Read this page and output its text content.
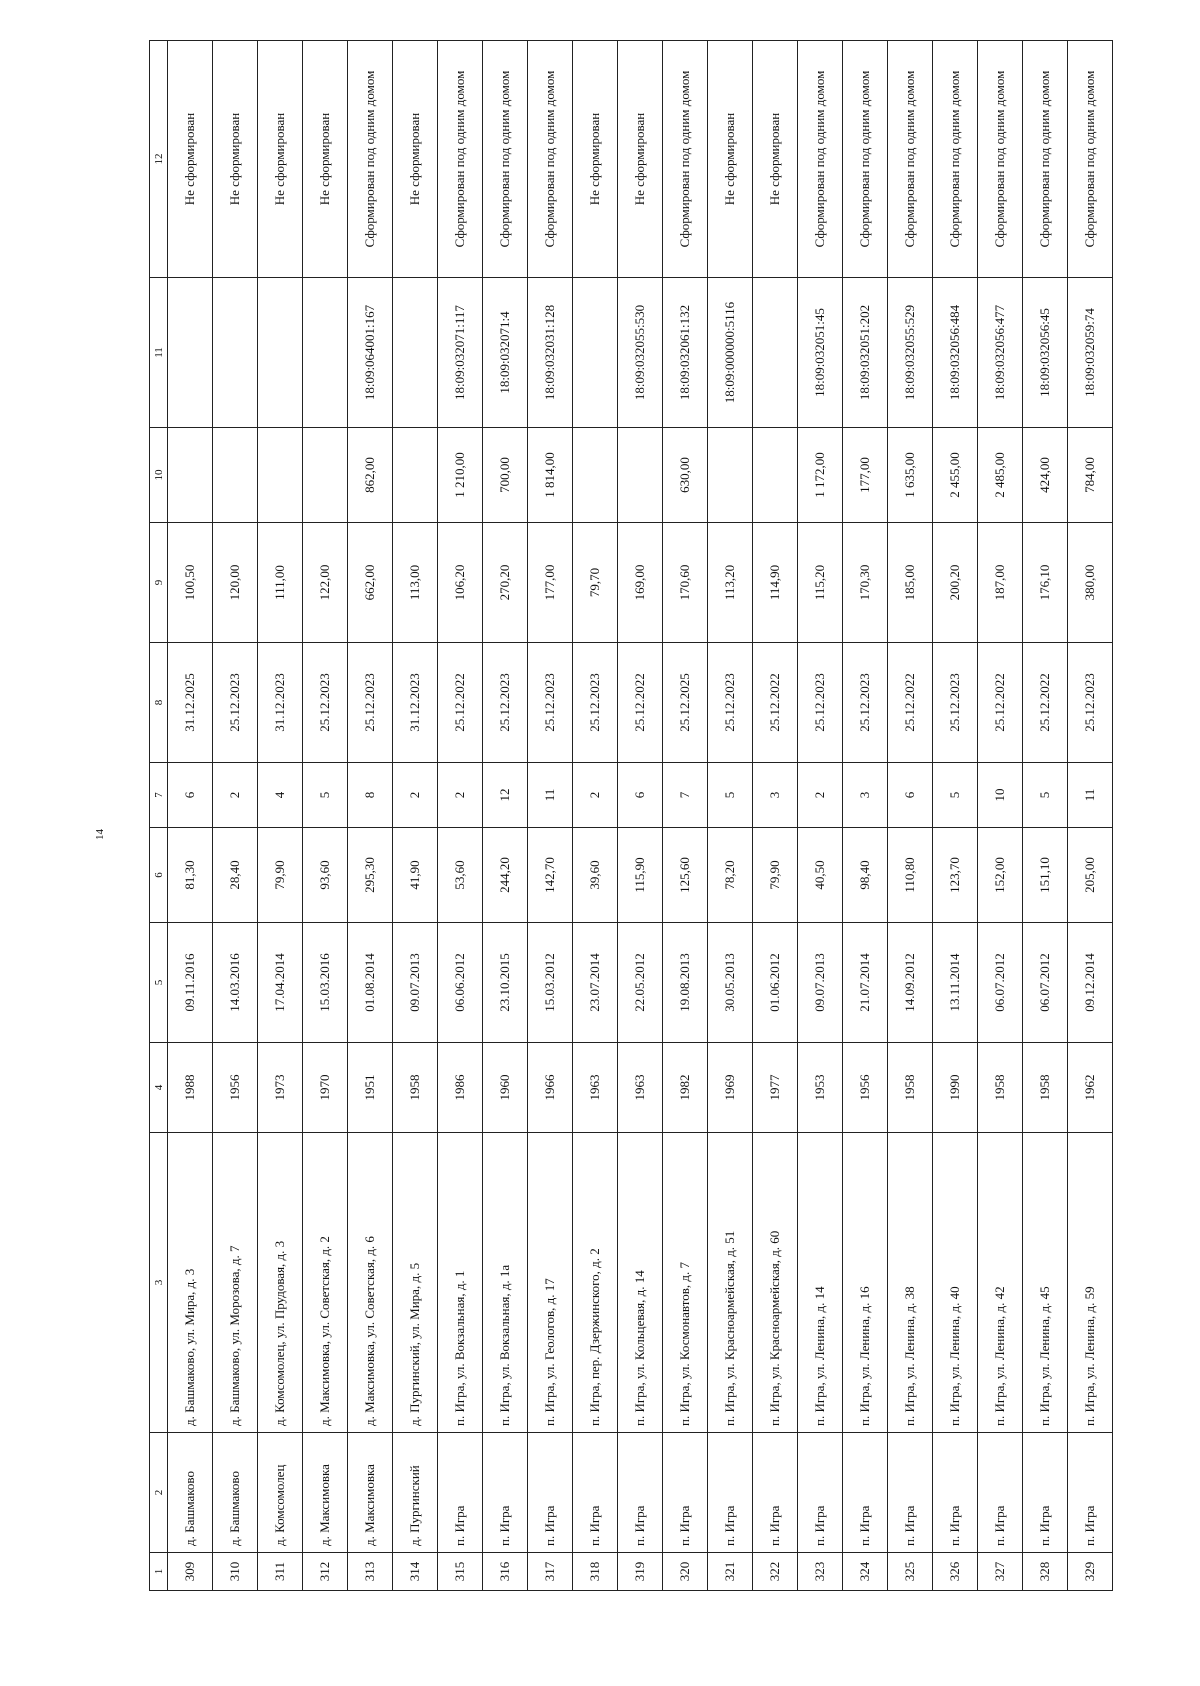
14
1	2	3	4	5	6	7	8	9	10	11	12
309	д. Башмаково	д. Башмаково, ул. Мира, д. 3	1988	09.11.2016	81,30	6	31.12.2025	100,50			Не сформирован
310	д. Башмаково	д. Башмаково, ул. Морозова, д. 7	1956	14.03.2016	28,40	2	25.12.2023	120,00			Не сформирован
311	д. Комсомолец	д. Комсомолец, ул. Прудовая, д. 3	1973	17.04.2014	79,90	4	31.12.2023	111,00			Не сформирован
312	д. Максимовка	д. Максимовка, ул. Советская, д. 2	1970	15.03.2016	93,60	5	25.12.2023	122,00			Не сформирован
313	д. Максимовка	д. Максимовка, ул. Советская, д. 6	1951	01.08.2014	295,30	8	25.12.2023	662,00	862,00	18:09:064001:167	Сформирован под одним домом
314	д. Пургинский	д. Пургинский, ул. Мира, д. 5	1958	09.07.2013	41,90	2	31.12.2023	113,00			Не сформирован
315	п. Игра	п. Игра, ул. Вокзальная, д. 1	1986	06.06.2012	53,60	2	25.12.2022	106,20	1 210,00	18:09:032071:117	Сформирован под одним домом
316	п. Игра	п. Игра, ул. Вокзальная, д. 1а	1960	23.10.2015	244,20	12	25.12.2023	270,20	700,00	18:09:032071:4	Сформирован под одним домом
317	п. Игра	п. Игра, ул. Геологов, д. 17	1966	15.03.2012	142,70	11	25.12.2023	177,00	1 814,00	18:09:032031:128	Сформирован под одним домом
318	п. Игра	п. Игра, пер. Дзержинского, д. 2	1963	23.07.2014	39,60	2	25.12.2023	79,70			Не сформирован
319	п. Игра	п. Игра, ул. Кольцевая, д. 14	1963	22.05.2012	115,90	6	25.12.2022	169,00		18:09:032055:530	Не сформирован
320	п. Игра	п. Игра, ул. Космонавтов, д. 7	1982	19.08.2013	125,60	7	25.12.2025	170,60	630,00	18:09:032061:132	Сформирован под одним домом
321	п. Игра	п. Игра, ул. Красноармейская, д. 51	1969	30.05.2013	78,20	5	25.12.2023	113,20		18:09:000000:5116	Не сформирован
322	п. Игра	п. Игра, ул. Красноармейская, д. 60	1977	01.06.2012	79,90	3	25.12.2022	114,90			Не сформирован
323	п. Игра	п. Игра, ул. Ленина, д. 14	1953	09.07.2013	40,50	2	25.12.2023	115,20	1 172,00	18:09:032051:45	Сформирован под одним домом
324	п. Игра	п. Игра, ул. Ленина, д. 16	1956	21.07.2014	98,40	3	25.12.2023	170,30	177,00	18:09:032051:202	Сформирован под одним домом
325	п. Игра	п. Игра, ул. Ленина, д. 38	1958	14.09.2012	110,80	6	25.12.2022	185,00	1 635,00	18:09:032055:529	Сформирован под одним домом
326	п. Игра	п. Игра, ул. Ленина, д. 40	1990	13.11.2014	123,70	5	25.12.2023	200,20	2 455,00	18:09:032056:484	Сформирован под одним домом
327	п. Игра	п. Игра, ул. Ленина, д. 42	1958	06.07.2012	152,00	10	25.12.2022	187,00	2 485,00	18:09:032056:477	Сформирован под одним домом
328	п. Игра	п. Игра, ул. Ленина, д. 45	1958	06.07.2012	151,10	5	25.12.2022	176,10	424,00	18:09:032056:45	Сформирован под одним домом
329	п. Игра	п. Игра, ул. Ленина, д. 59	1962	09.12.2014	205,00	11	25.12.2023	380,00	784,00	18:09:032059:74	Сформирован под одним домом
